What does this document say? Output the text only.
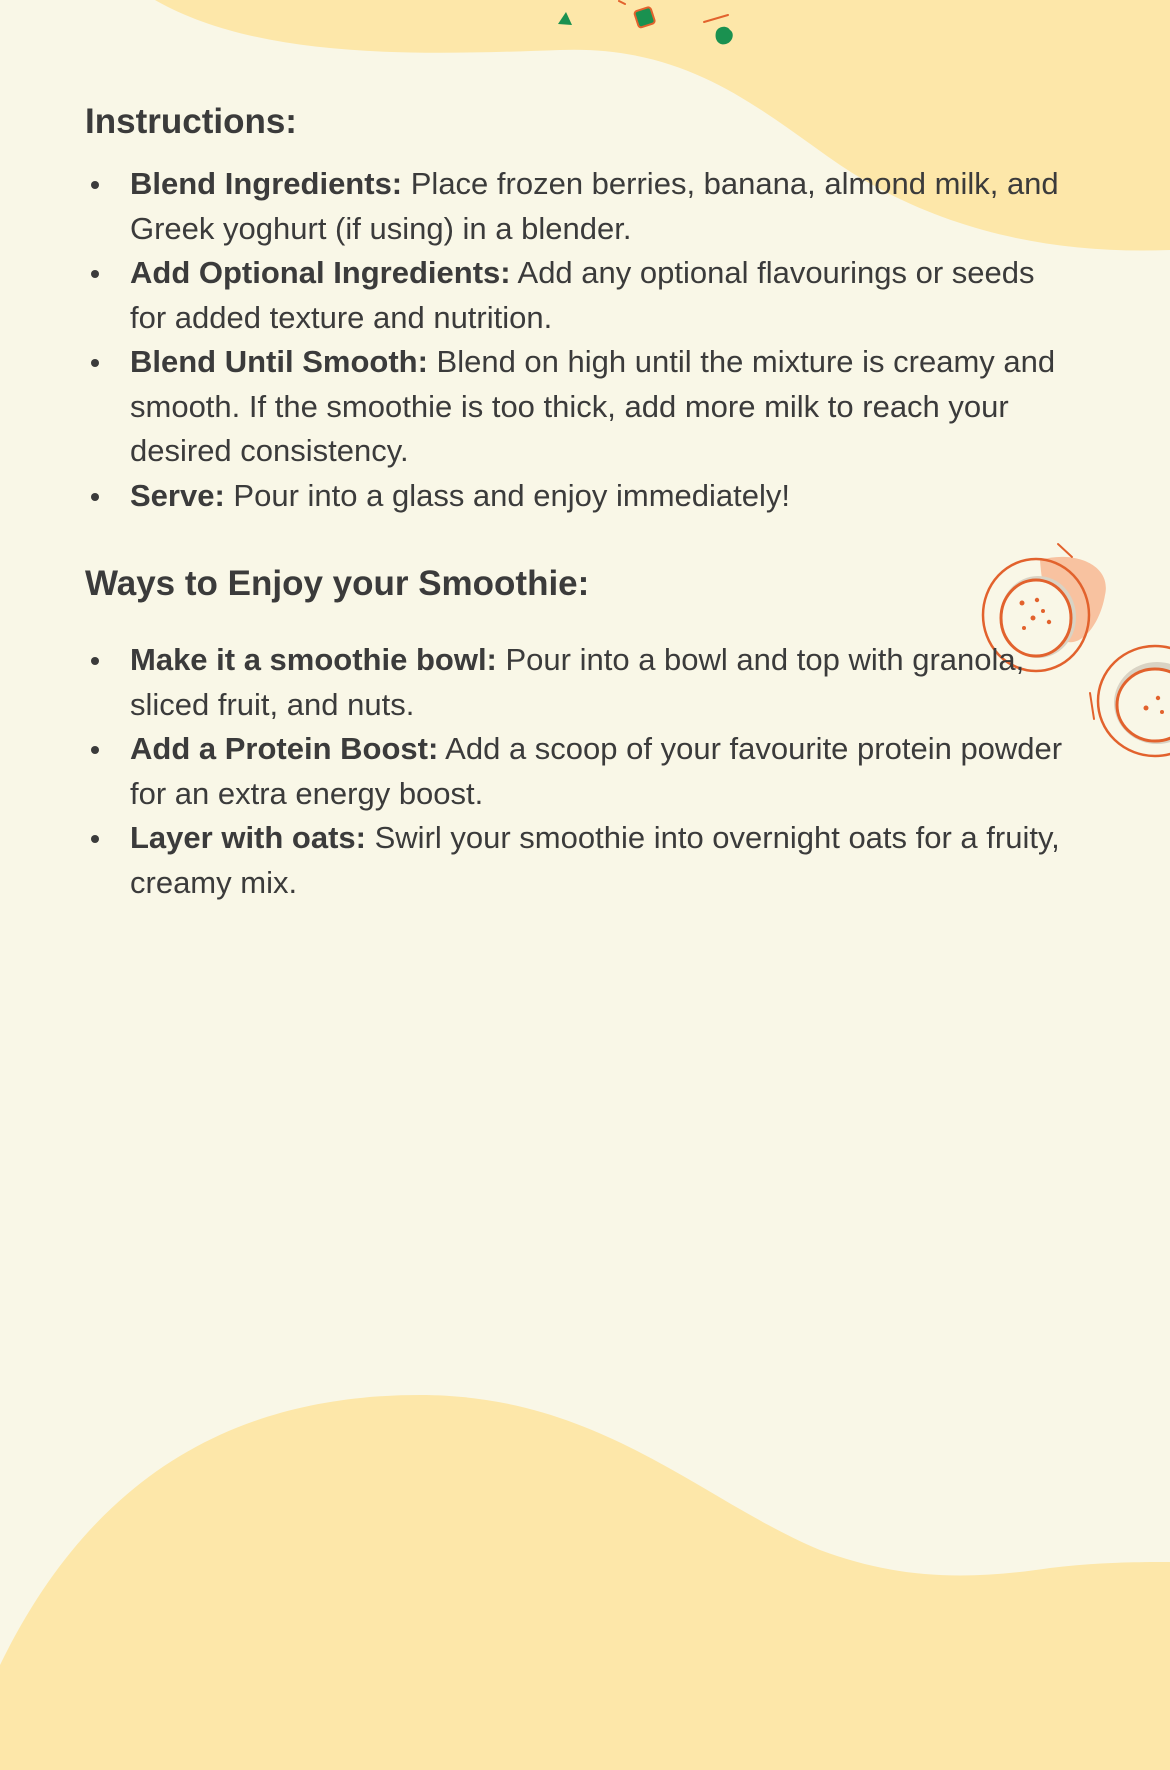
Instructions:
Blend Ingredients: Place frozen berries, banana, almond milk, and Greek yoghurt (if using) in a blender.
Add Optional Ingredients: Add any optional flavourings or seeds for added texture and nutrition.
Blend Until Smooth: Blend on high until the mixture is creamy and smooth. If the smoothie is too thick, add more milk to reach your desired consistency.
Serve: Pour into a glass and enjoy immediately!
Ways to Enjoy your Smoothie:
Make it a smoothie bowl: Pour into a bowl and top with granola, sliced fruit, and nuts.
Add a Protein Boost: Add a scoop of your favourite protein powder for an extra energy boost.
Layer with oats: Swirl your smoothie into overnight oats for a fruity, creamy mix.
